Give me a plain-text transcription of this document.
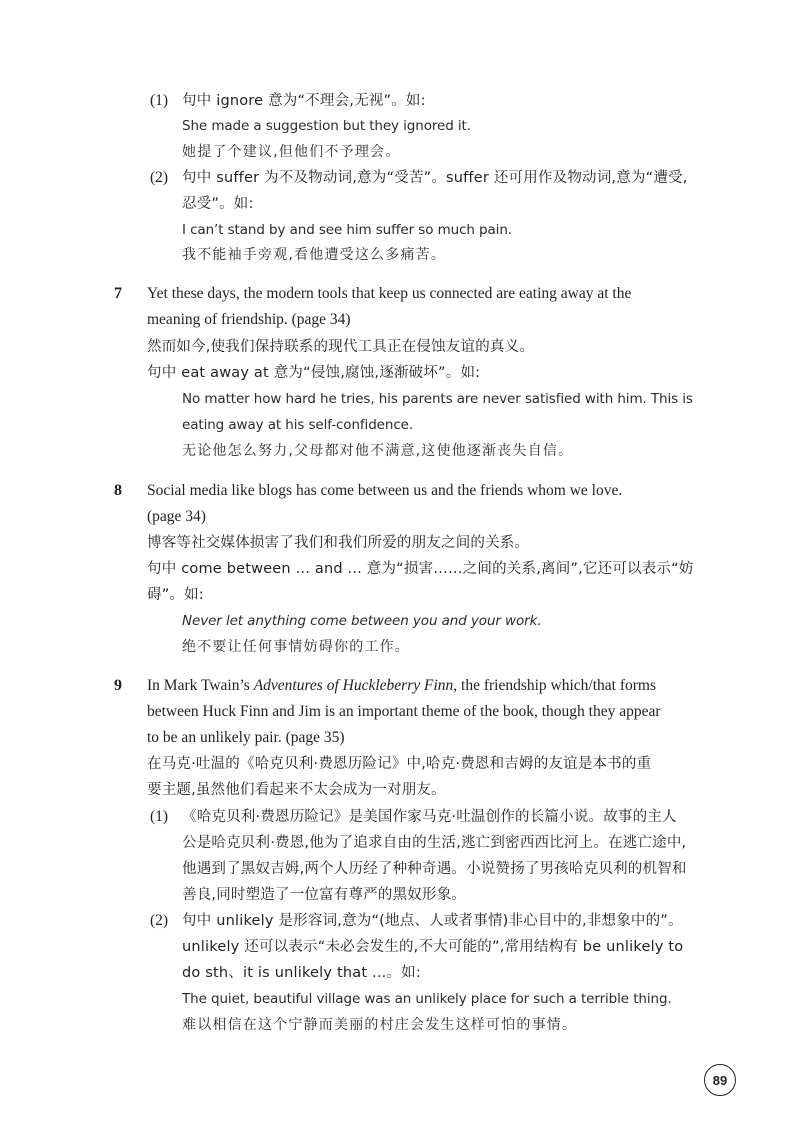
(1) 句中 ignore 意为“不理会,无视”。如:
She made a suggestion but they ignored it.
她提了个建议,但他们不予理会。
(2) 句中 suffer 为不及物动词,意为“受苦”。suffer 还可用作及物动词,意为“遭受,
忍受”。如:
I can’t stand by and see him suffer so much pain.
我不能袖手旁观,看他遭受这么多痛苦。
7 Yet these days, the modern tools that keep us connected are eating away at the
meaning of friendship. (page 34)
然而如今,使我们保持联系的现代工具正在侵蚀友谊的真义。
句中 eat away at 意为“侵蚀,腐蚀,逐渐破坏”。如:
No matter how hard he tries, his parents are never satisfied with him. This is
eating away at his self-confidence.
无论他怎么努力,父母都对他不满意,这使他逐渐丧失自信。
8 Social media like blogs has come between us and the friends whom we love.
(page 34)
博客等社交媒体损害了我们和我们所爱的朋友之间的关系。
句中 come between ... and ... 意为“损害……之间的关系,离间”,它还可以表示“妨
碍”。如:
Never let anything come between you and your work.
绝不要让任何事情妨碍你的工作。
9 In Mark Twain’s Adventures of Huckleberry Finn, the friendship which/that forms
between Huck Finn and Jim is an important theme of the book, though they appear
to be an unlikely pair. (page 35)
在马克·吐温的《哈克贝利·费恩历险记》中,哈克·费恩和吉姆的友谊是本书的重
要主题,虽然他们看起来不太会成为一对朋友。
(1) 《哈克贝利·费恩历险记》是美国作家马克·吐温创作的长篇小说。故事的主人
公是哈克贝利·费恩,他为了追求自由的生活,逃亡到密西西比河上。在逃亡途中,
他遇到了黑奴吉姆,两个人历经了种种奇遇。小说赞扬了男孩哈克贝利的机智和
善良,同时塑造了一位富有尊严的黑奴形象。
(2) 句中 unlikely 是形容词,意为“(地点、人或者事情)非心目中的,非想象中的”。
unlikely 还可以表示“未必会发生的,不大可能的”,常用结构有 be unlikely to
do sth、it is unlikely that ...。如:
The quiet, beautiful village was an unlikely place for such a terrible thing.
难以相信在这个宁静而美丽的村庄会发生这样可怕的事情。
89
